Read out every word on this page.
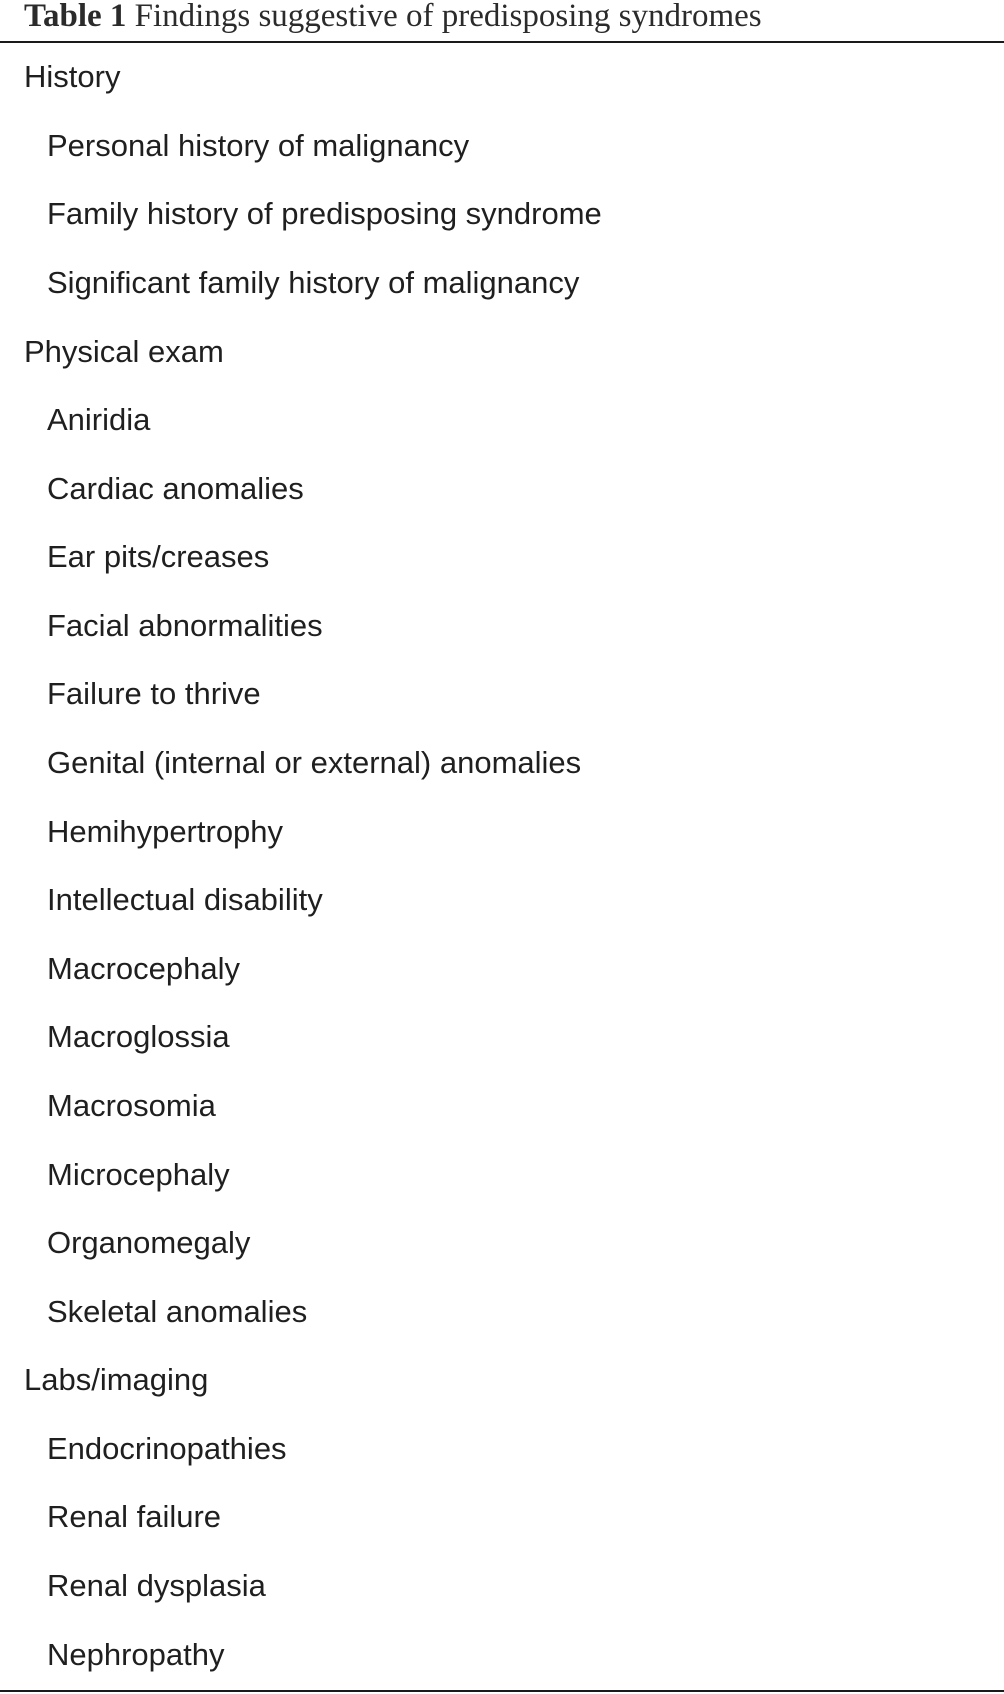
Table 1 Findings suggestive of predisposing syndromes
History
Personal history of malignancy
Family history of predisposing syndrome
Significant family history of malignancy
Physical exam
Aniridia
Cardiac anomalies
Ear pits/creases
Facial abnormalities
Failure to thrive
Genital (internal or external) anomalies
Hemihypertrophy
Intellectual disability
Macrocephaly
Macroglossia
Macrosomia
Microcephaly
Organomegaly
Skeletal anomalies
Labs/imaging
Endocrinopathies
Renal failure
Renal dysplasia
Nephropathy
